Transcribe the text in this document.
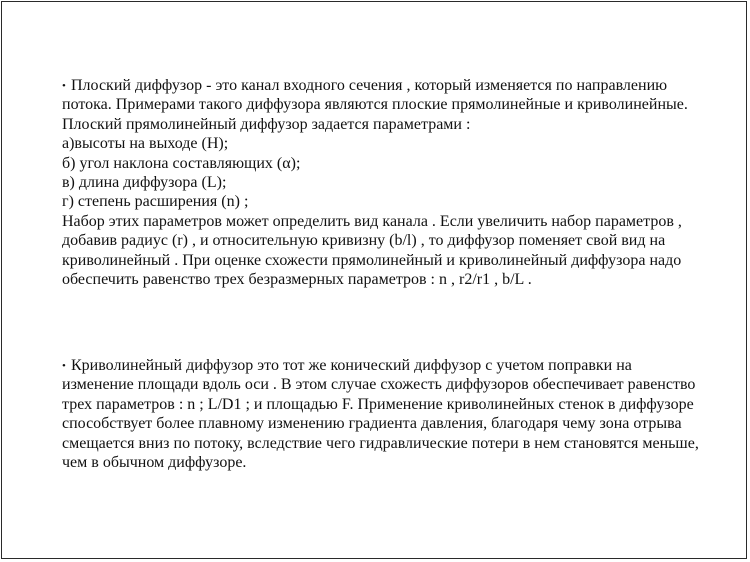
• Плоский диффузор - это канал входного сечения , который изменяется по направлению
потока. Примерами такого диффузора являются плоские прямолинейные и криволинейные.
Плоский прямолинейный диффузор задается параметрами :
а)высоты на выходе (H);
б) угол наклона составляющих (α);
в) длина диффузора (L);
г) степень расширения (n) ;
Набор этих параметров может определить вид канала . Если увеличить набор параметров ,
добавив радиус (r) , и относительную кривизну (b/l) , то диффузор поменяет свой вид на
криволинейный . При оценке схожести прямолинейный и криволинейный диффузора надо
обеспечить равенство трех безразмерных параметров : n , r2/r1 , b/L .
• Криволинейный диффузор это тот же конический диффузор с учетом поправки на
изменение площади вдоль оси . В этом случае схожесть диффузоров обеспечивает равенство
трех параметров : n ; L/D1 ; и площадью F. Применение криволинейных стенок в диффузоре
способствует более плавному изменению градиента давления, благодаря чему зона отрыва
смещается вниз по потоку, вследствие чего гидравлические потери в нем становятся меньше,
чем в обычном диффузоре.
